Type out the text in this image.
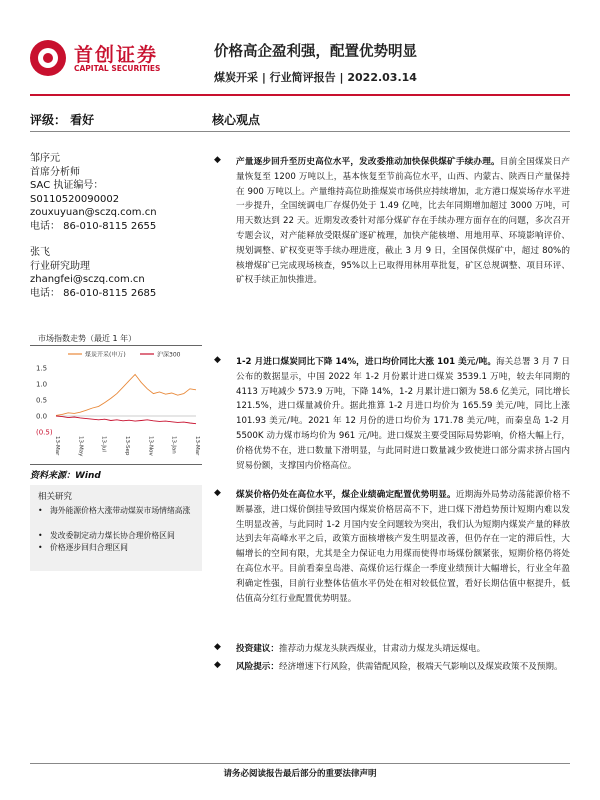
首创证券
CAPITAL SECURITIES
价格高企盈利强，配置优势明显
煤炭开采 | 行业简评报告 | 2022.03.14
评级： 看好	核心观点
邹序元
首席分析师
SAC 执证编号：
S0110520090002
zouxuyuan@sczq.com.cn
电话： 86-010-8115 2655
张飞
行业研究助理
zhangfei@sczq.com.cn
电话： 86-010-8115 2685
市场指数走势（最近 1 年）
煤炭开采(申万)	沪深300
1.5
1.0
0.5
0.0
(0.5)
13-Mar	13-May	13-Jul	13-Sep	13-Nov	13-Jan	13-Mar
资料来源：Wind
相关研究
• 海外能源价格大涨带动煤炭市场情绪高涨
• 发改委制定动力煤长协合理价格区间
• 价格逐步回归合理区间
◆ 产量逐步回升至历史高位水平，发改委推动加快保供煤矿手续办理。目前全国煤炭日产量恢复至 1200 万吨以上，基本恢复至节前高位水平，山西、内蒙古、陕西日产量保持在 900 万吨以上。产量维持高位助推煤炭市场供应持续增加，北方港口煤炭场存水平进一步提升，全国统调电厂存煤仍处于 1.49 亿吨，比去年同期增加超过 3000 万吨，可用天数达到 22 天。近期发改委针对部分煤矿存在手续办理方面存在的问题，多次召开专题会议，对产能释放受限煤矿逐矿梳理，加快产能核增、用地用草、环境影响评价、规划调整、矿权变更等手续办理进度，截止 3 月 9 日，全国保供煤矿中，超过 80%的核增煤矿已完成现场核查，95%以上已取得用林用草批复，矿区总规调整、项目环评、矿权手续正加快推进。
◆ 1-2 月进口煤炭同比下降 14%，进口均价同比大涨 101 美元/吨。海关总署 3 月 7 日公布的数据显示，中国 2022 年 1-2 月份累计进口煤炭 3539.1 万吨，较去年同期的 4113 万吨减少 573.9 万吨，下降 14%，1-2 月累计进口额为 58.6 亿美元，同比增长 121.5%，进口煤量减价升。据此推算 1-2 月进口均价为 165.59 美元/吨，同比上涨 101.93 美元/吨。2021 年 12 月份的进口均价为 171.78 美元/吨，而秦皇岛 1-2 月 5500K 动力煤市场均价为 961 元/吨。进口煤炭主要受国际局势影响，价格大幅上行，价格优势不在，进口数量下滑明显，与此同时进口数量减少致使进口部分需求挤占国内贸易份额，支撑国内价格高位。
◆ 煤炭价格仍处在高位水平，煤企业绩确定配置优势明显。近期海外局势动荡能源价格不断暴涨，进口煤价倒挂导致国内煤炭价格居高不下，进口煤下滑趋势预计短期内难以发生明显改善，与此同时 1-2 月国内安全问题较为突出，我们认为短期内煤炭产量的释放达到去年高峰水平之后，政策方面核增核产发生明显改善，但仍存在一定的滞后性，大幅增长的空间有限，尤其是全力保证电力用煤而使得市场煤份额紧张，短期价格仍将处在高位水平。目前看秦皇岛港、高煤价运行煤企一季度业绩预计大幅增长，行业全年盈利确定性强，目前行业整体估值水平仍处在相对较低位置，看好长期估值中枢提升，低估值高分红行业配置优势明显。
◆ 投资建议：推荐动力煤龙头陕西煤业，甘肃动力煤龙头靖远煤电。
◆ 风险提示：经济增速下行风险，供需错配风险，极端天气影响以及煤炭政策不及预期。
请务必阅读报告最后部分的重要法律声明
